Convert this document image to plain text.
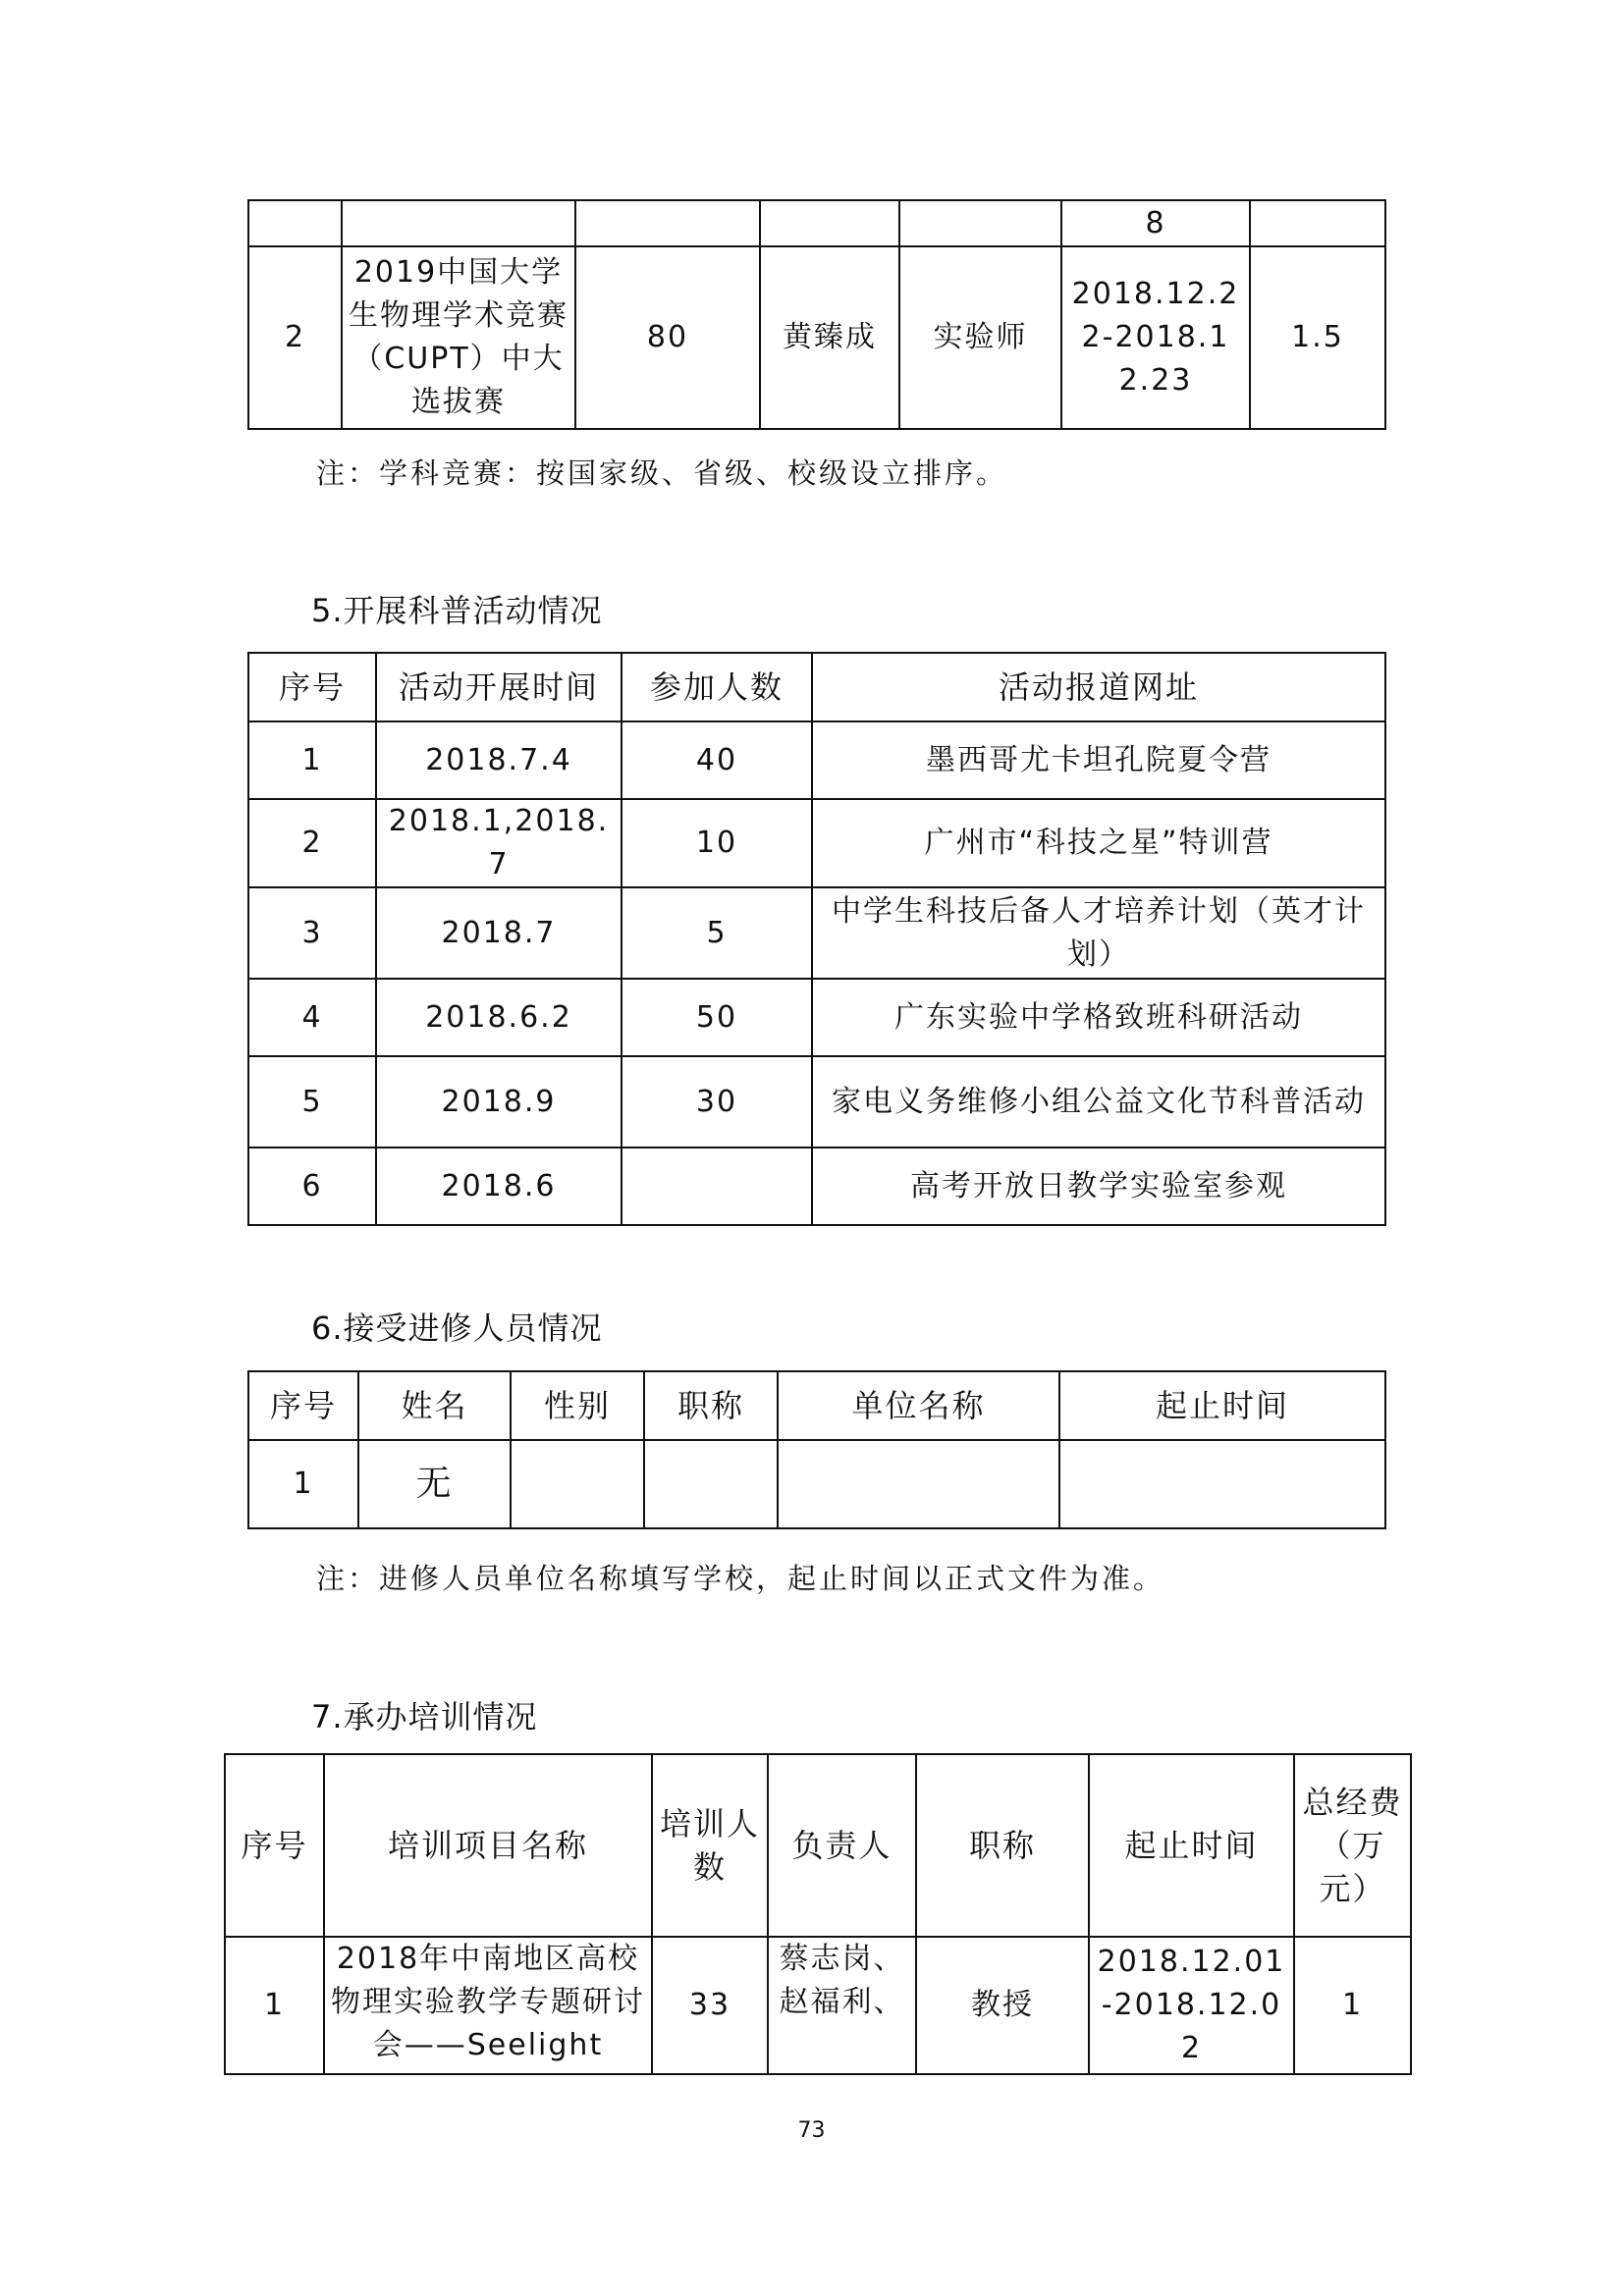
					8	
2	2019中国大学生物理学术竞赛（CUPT）中大选拔赛	80	黄臻成	实验师	2018.12.22-2018.12.23	1.5
注：学科竞赛：按国家级、省级、校级设立排序。
5.开展科普活动情况
序号	活动开展时间	参加人数	活动报道网址
1	2018.7.4	40	墨西哥尤卡坦孔院夏令营
2	2018.1,2018.7	10	广州市“科技之星”特训营
3	2018.7	5	中学生科技后备人才培养计划（英才计划）
4	2018.6.2	50	广东实验中学格致班科研活动
5	2018.9	30	家电义务维修小组公益文化节科普活动
6	2018.6		高考开放日教学实验室参观
6.接受进修人员情况
序号	姓名	性别	职称	单位名称	起止时间
1	无				
注：进修人员单位名称填写学校，起止时间以正式文件为准。
7.承办培训情况
序号	培训项目名称	培训人数	负责人	职称	起止时间	总经费（万元）
1	2018年中南地区高校物理实验教学专题研讨会——Seelight	33	蔡志岗、赵福利、	教授	2018.12.01-2018.12.02	1
73
